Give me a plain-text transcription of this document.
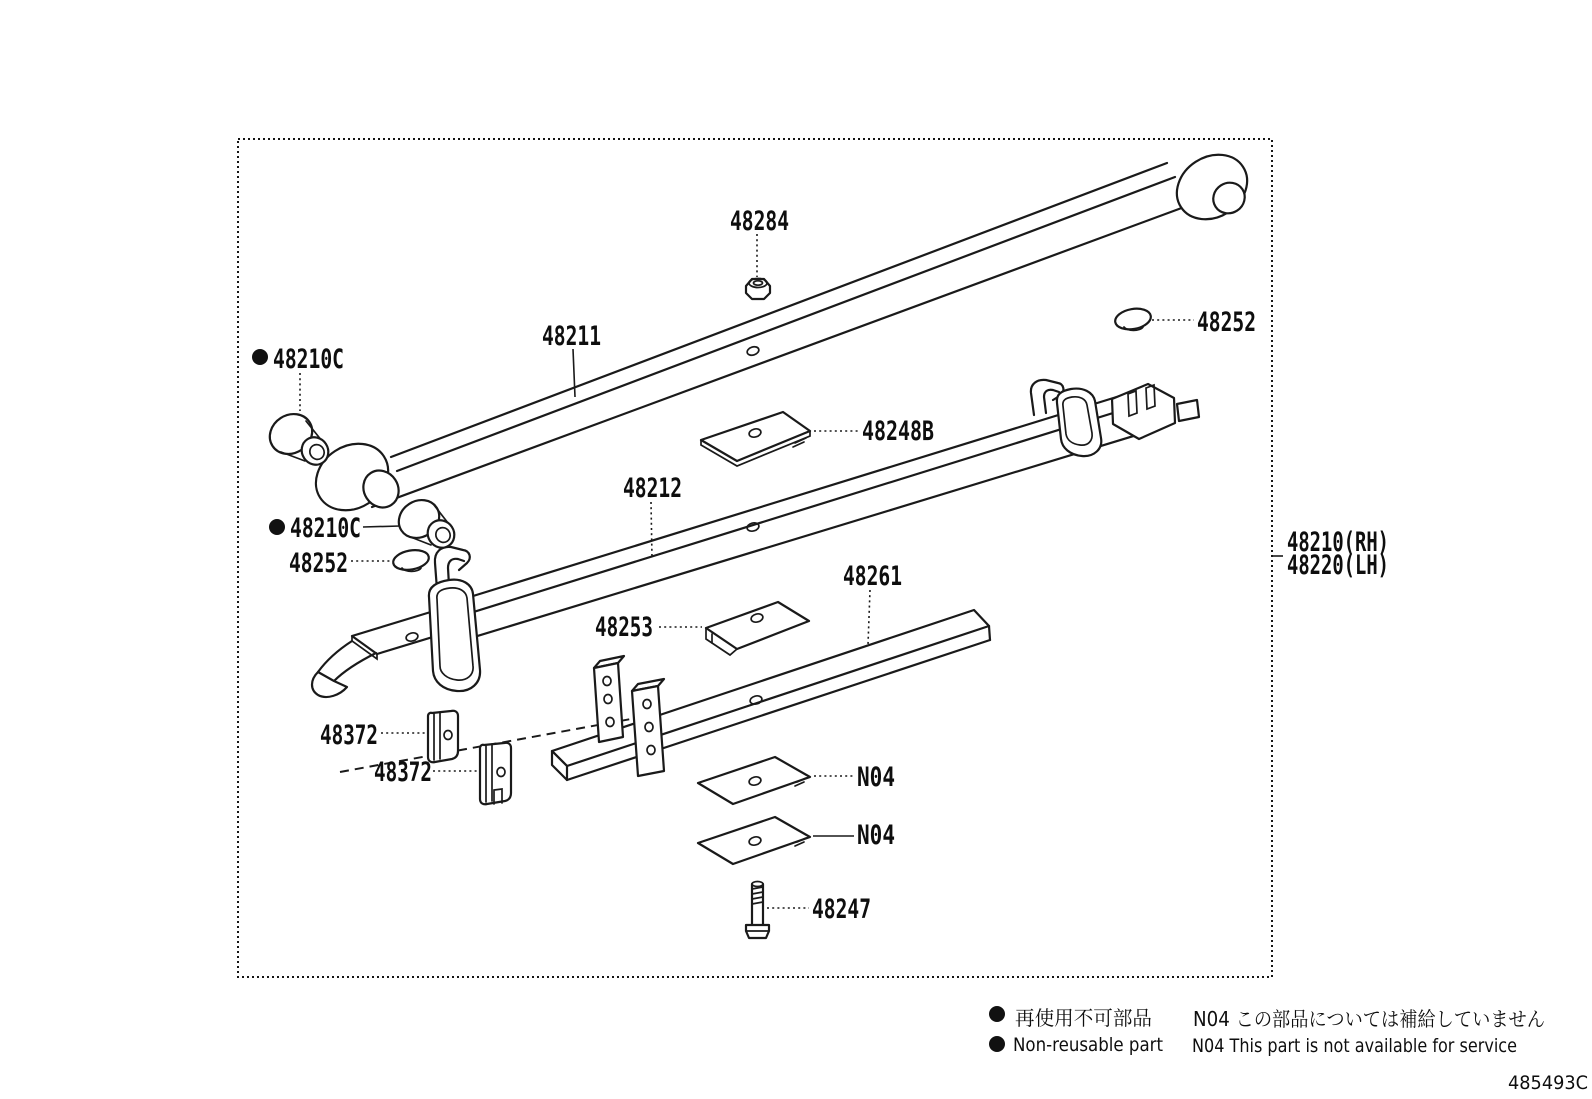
48284
48211
48210C
48210C
48252
48252
48248B
48212
48261
48253
48372
48372	N04
N04
48247
48210(RH)
48220(LH)
再使用不可部品
Non-reusable part
N04 この部品については補給していません
N04 This part is not available for service
485493C
